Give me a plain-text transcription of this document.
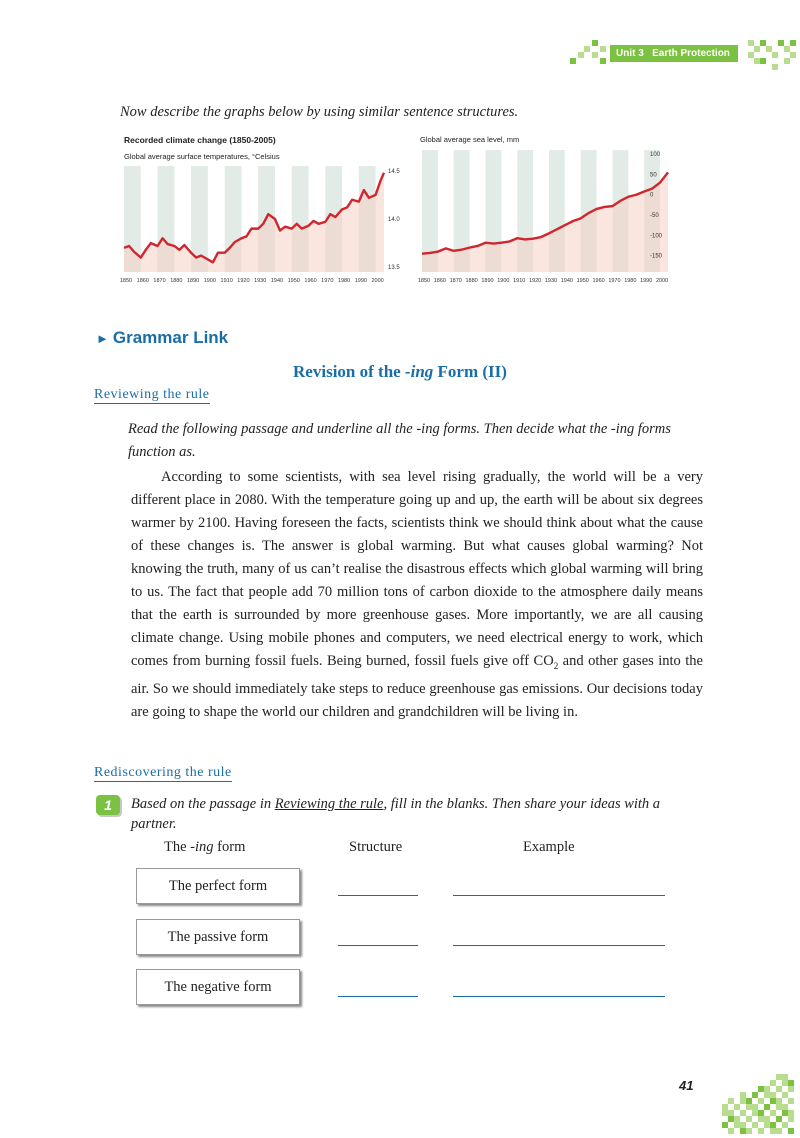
Unit 3 Earth Protection
Now describe the graphs below by using similar sentence structures.
Recorded climate change (1850-2005)
Global average surface temperatures, °Celsius
1850 1860 1870 1880 1890 1900 1910 1920 1930 1940 1950 1960 1970 1980 1990 2000
14.5
14.0
13.5
Global average sea level, mm
1850 1860 1870 1880 1890 1900 1910 1920 1930 1940 1950 1960 1970 1980 1990 2000
100
50
0
-50
-100
-150
► Grammar Link
Revision of the -ing Form (II)
Reviewing the rule
Read the following passage and underline all the -ing forms. Then decide what the -ing forms function as.
According to some scientists, with sea level rising gradually, the world will be a very different place in 2080. With the temperature going up and up, the earth will be about six degrees warmer by 2100. Having foreseen the facts, scientists think we should think about what the cause of these changes is. The answer is global warming. But what causes global warming? Not knowing the truth, many of us can’t realise the disastrous effects which global warming will bring to us. The fact that people add 70 million tons of carbon dioxide to the atmosphere daily means that the earth is surrounded by more greenhouse gases. More importantly, we are all causing climate change. Using mobile phones and computers, we need electrical energy to work, which comes from burning fossil fuels. Being burned, fossil fuels give off $CO_2$ and other gases into the air. So we should immediately take steps to reduce greenhouse gas emissions. Our decisions today are going to shape the world our children and grandchildren will be living in.
Rediscovering the rule
1	Based on the passage in Reviewing the rule, fill in the blanks. Then share your ideas with a partner.
The -ing form	Structure	Example
The perfect form
The passive form
The negative form
41
